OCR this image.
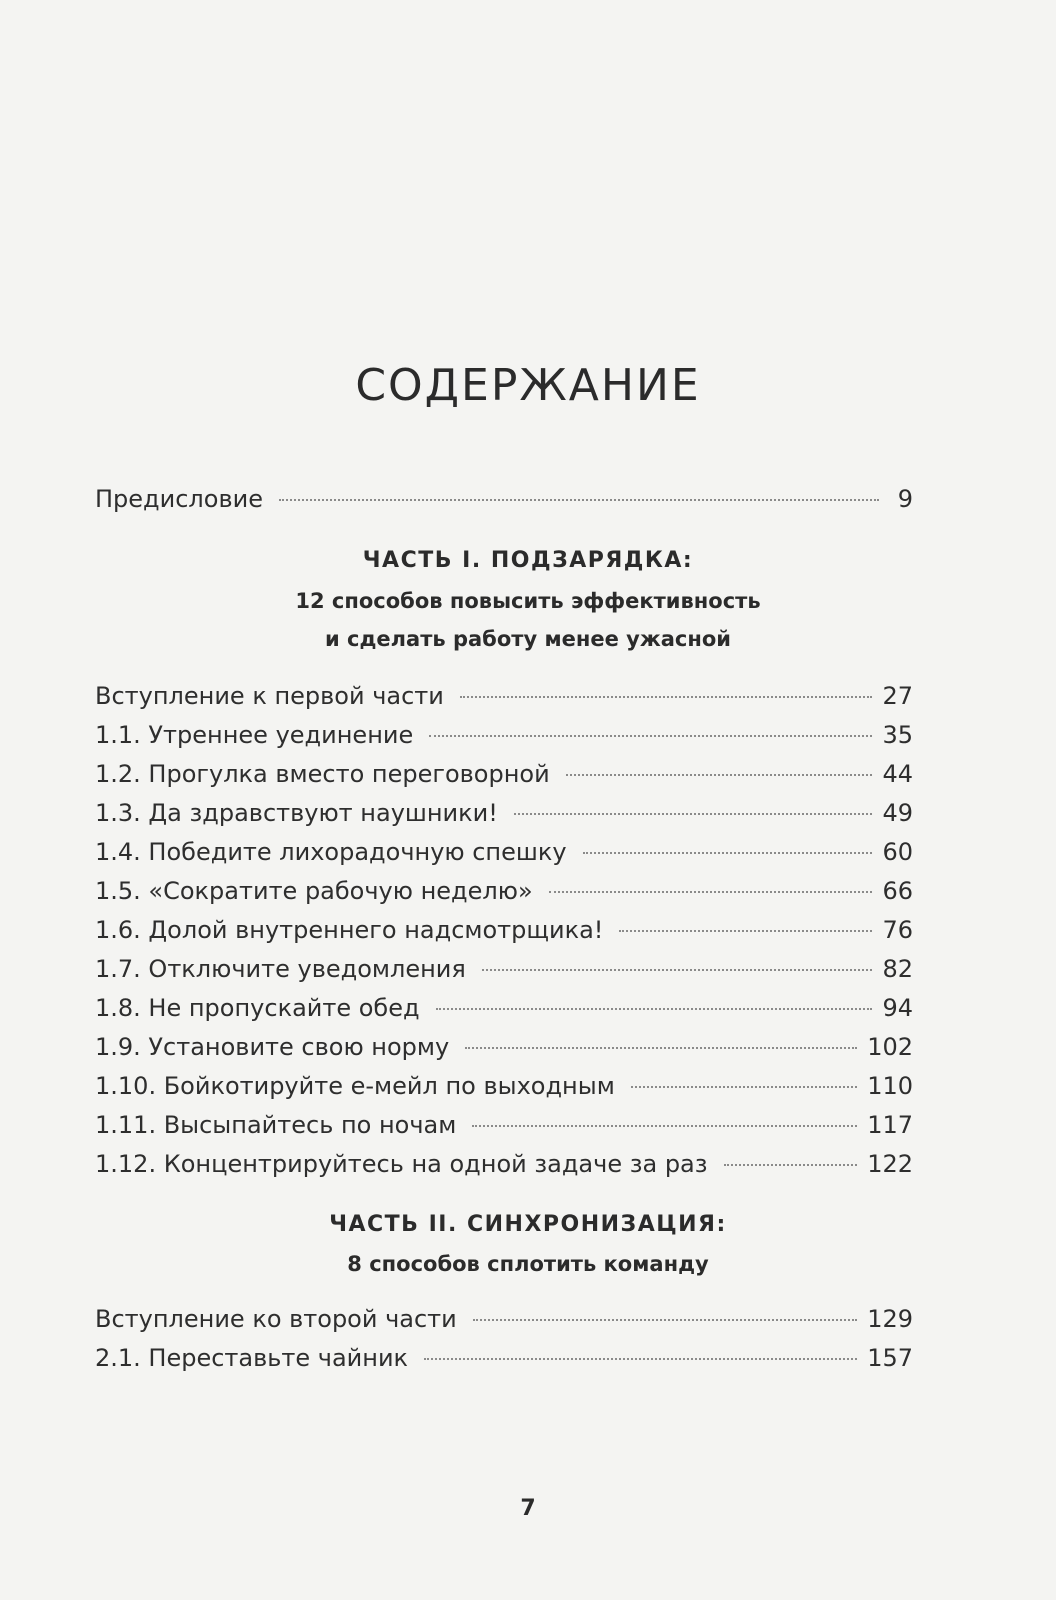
СОДЕРЖАНИЕ
Предисловие	9
ЧАСТЬ I. ПОДЗАРЯДКА:
12 способов повысить эффективность
и сделать работу менее ужасной
Вступление к первой части	27
1.1. Утреннее уединение	35
1.2. Прогулка вместо переговорной	44
1.3. Да здравствуют наушники!	49
1.4. Победите лихорадочную спешку	60
1.5. «Сократите рабочую неделю»	66
1.6. Долой внутреннего надсмотрщика!	76
1.7. Отключите уведомления	82
1.8. Не пропускайте обед	94
1.9. Установите свою норму	102
1.10. Бойкотируйте е-мейл по выходным	110
1.11. Высыпайтесь по ночам	117
1.12. Концентрируйтесь на одной задаче за раз	122
ЧАСТЬ II. СИНХРОНИЗАЦИЯ:
8 способов сплотить команду
Вступление ко второй части	129
2.1. Переставьте чайник	157
7
